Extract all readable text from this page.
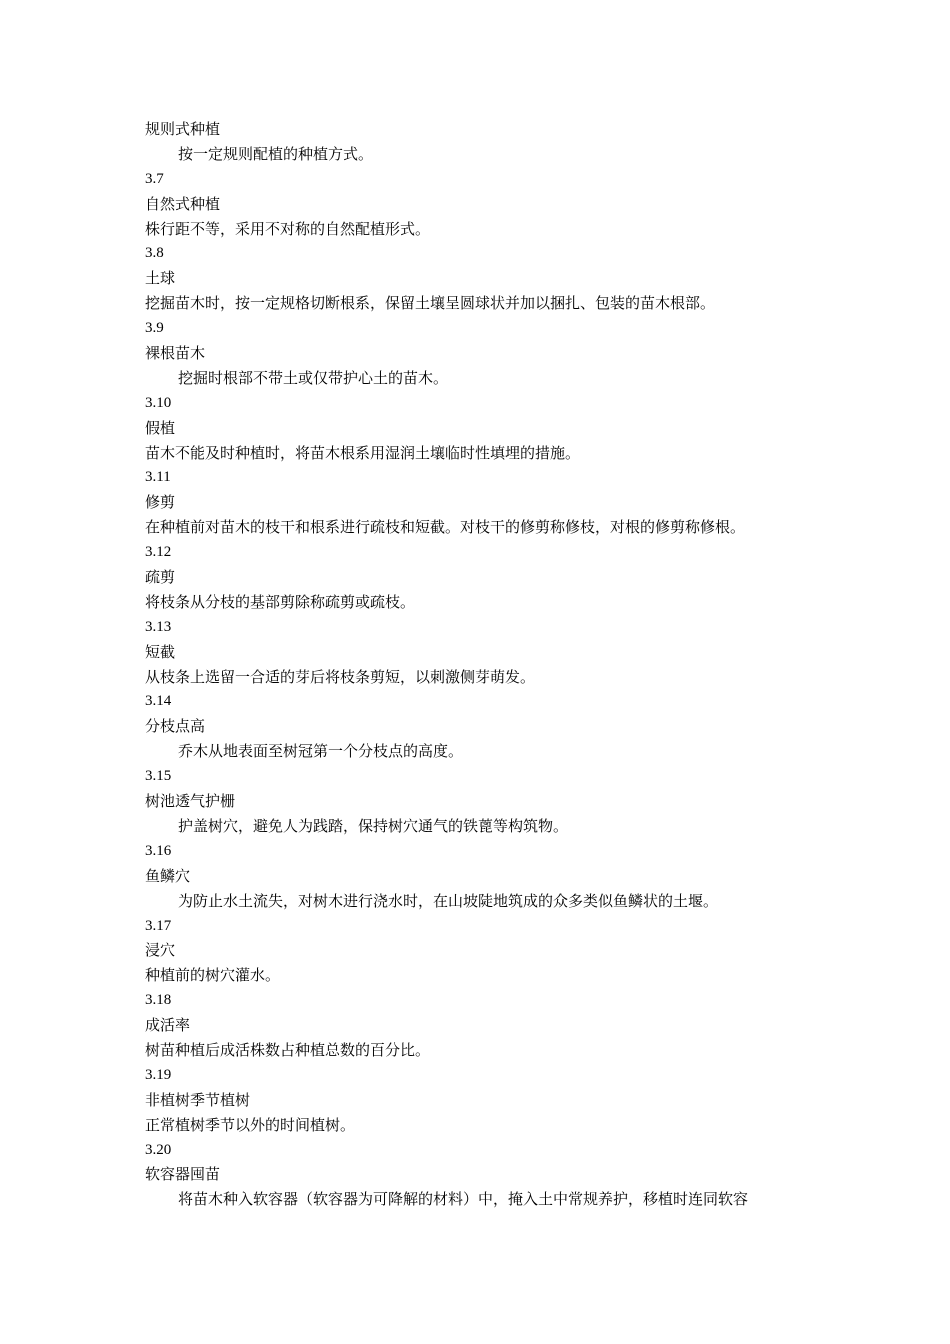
规则式种植
按一定规则配植的种植方式。
3.7
自然式种植
株行距不等，采用不对称的自然配植形式。
3.8
土球
挖掘苗木时，按一定规格切断根系，保留土壤呈圆球状并加以捆扎、包装的苗木根部。
3.9
裸根苗木
挖掘时根部不带土或仅带护心土的苗木。
3.10
假植
苗木不能及时种植时，将苗木根系用湿润土壤临时性填埋的措施。
3.11
修剪
在种植前对苗木的枝干和根系进行疏枝和短截。对枝干的修剪称修枝，对根的修剪称修根。
3.12
疏剪
将枝条从分枝的基部剪除称疏剪或疏枝。
3.13
短截
从枝条上选留一合适的芽后将枝条剪短，以刺激侧芽萌发。
3.14
分枝点高
乔木从地表面至树冠第一个分枝点的高度。
3.15
树池透气护栅
护盖树穴，避免人为践踏，保持树穴通气的铁蓖等构筑物。
3.16
鱼鳞穴
为防止水土流失，对树木进行浇水时，在山坡陡地筑成的众多类似鱼鳞状的土堰。
3.17
浸穴
种植前的树穴灌水。
3.18
成活率
树苗种植后成活株数占种植总数的百分比。
3.19
非植树季节植树
正常植树季节以外的时间植树。
3.20
软容器囤苗
将苗木种入软容器（软容器为可降解的材料）中，掩入土中常规养护，移植时连同软容
